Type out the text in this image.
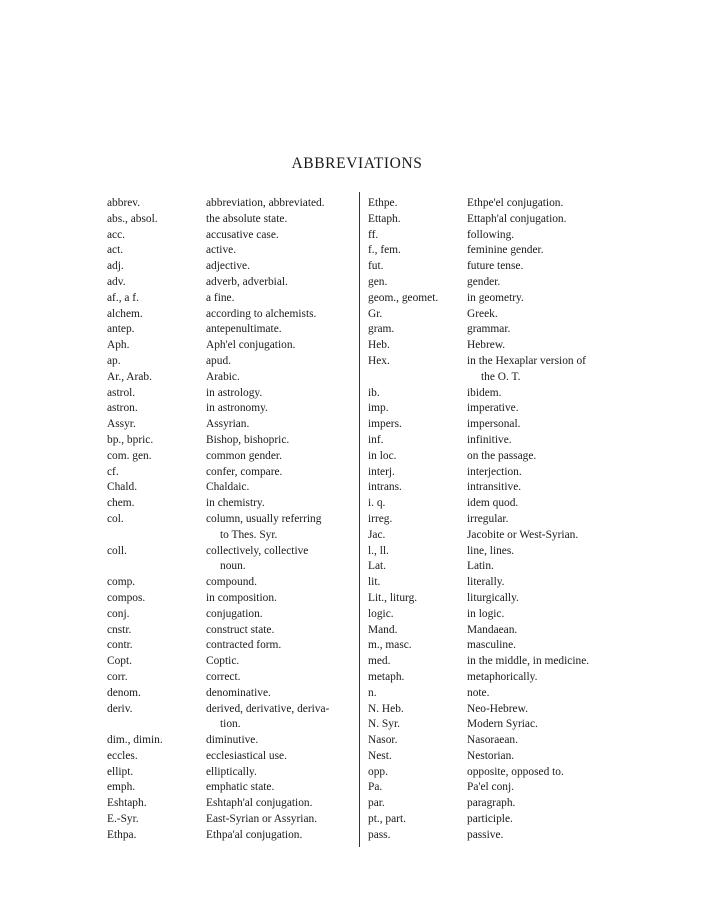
ABBREVIATIONS
abbrev.	abbreviation, abbreviated.
abs., absol.	the absolute state.
acc.	accusative case.
act.	active.
adj.	adjective.
adv.	adverb, adverbial.
af., a f.	a fine.
alchem.	according to alchemists.
antep.	antepenultimate.
Aph.	Aph'el conjugation.
ap.	apud.
Ar., Arab.	Arabic.
astrol.	in astrology.
astron.	in astronomy.
Assyr.	Assyrian.
bp., bpric.	Bishop, bishopric.
com. gen.	common gender.
cf.	confer, compare.
Chald.	Chaldaic.
chem.	in chemistry.
col.	column, usually referring
to Thes. Syr.
coll.	collectively, collective
noun.
comp.	compound.
compos.	in composition.
conj.	conjugation.
cnstr.	construct state.
contr.	contracted form.
Copt.	Coptic.
corr.	correct.
denom.	denominative.
deriv.	derived, derivative, deriva-
tion.
dim., dimin.	diminutive.
eccles.	ecclesiastical use.
ellipt.	elliptically.
emph.	emphatic state.
Eshtaph.	Eshtaph'al conjugation.
E.-Syr.	East-Syrian or Assyrian.
Ethpa.	Ethpa'al conjugation.
Ethpe.	Ethpe'el conjugation.
Ettaph.	Ettaph'al conjugation.
ff.	following.
f., fem.	feminine gender.
fut.	future tense.
gen.	gender.
geom., geomet.	in geometry.
Gr.	Greek.
gram.	grammar.
Heb.	Hebrew.
Hex.	in the Hexaplar version of
the O. T.
ib.	ibidem.
imp.	imperative.
impers.	impersonal.
inf.	infinitive.
in loc.	on the passage.
interj.	interjection.
intrans.	intransitive.
i. q.	idem quod.
irreg.	irregular.
Jac.	Jacobite or West-Syrian.
l., ll.	line, lines.
Lat.	Latin.
lit.	literally.
Lit., liturg.	liturgically.
logic.	in logic.
Mand.	Mandaean.
m., masc.	masculine.
med.	in the middle, in medicine.
metaph.	metaphorically.
n.	note.
N. Heb.	Neo-Hebrew.
N. Syr.	Modern Syriac.
Nasor.	Nasoraean.
Nest.	Nestorian.
opp.	opposite, opposed to.
Pa.	Pa'el conj.
par.	paragraph.
pt., part.	participle.
pass.	passive.
